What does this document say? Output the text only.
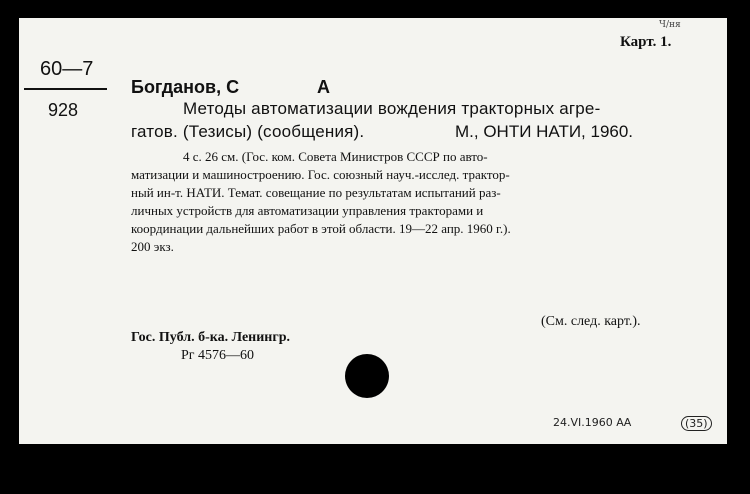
Ч/ня
Карт. 1.
60—7
928
Богданов, С	А
Методы автоматизации вождения тракторных агре-
гатов. (Тезисы) (сообщения).	М., ОНТИ НАТИ, 1960.
4 с. 26 см. (Гос. ком. Совета Министров СССР по авто-
матизации и машиностроению. Гос. союзный науч.-исслед. трактор-
ный ин-т. НАТИ. Темат. совещание по результатам испытаний раз-
личных устройств для автоматизации управления тракторами и
координации дальнейших работ в этой области. 19—22 апр. 1960 г.).
200 экз.
(См. след. карт.).
Гос. Публ. б-ка. Ленингр.
Рг 4576—60
24.VI.1960 АА	(35)
